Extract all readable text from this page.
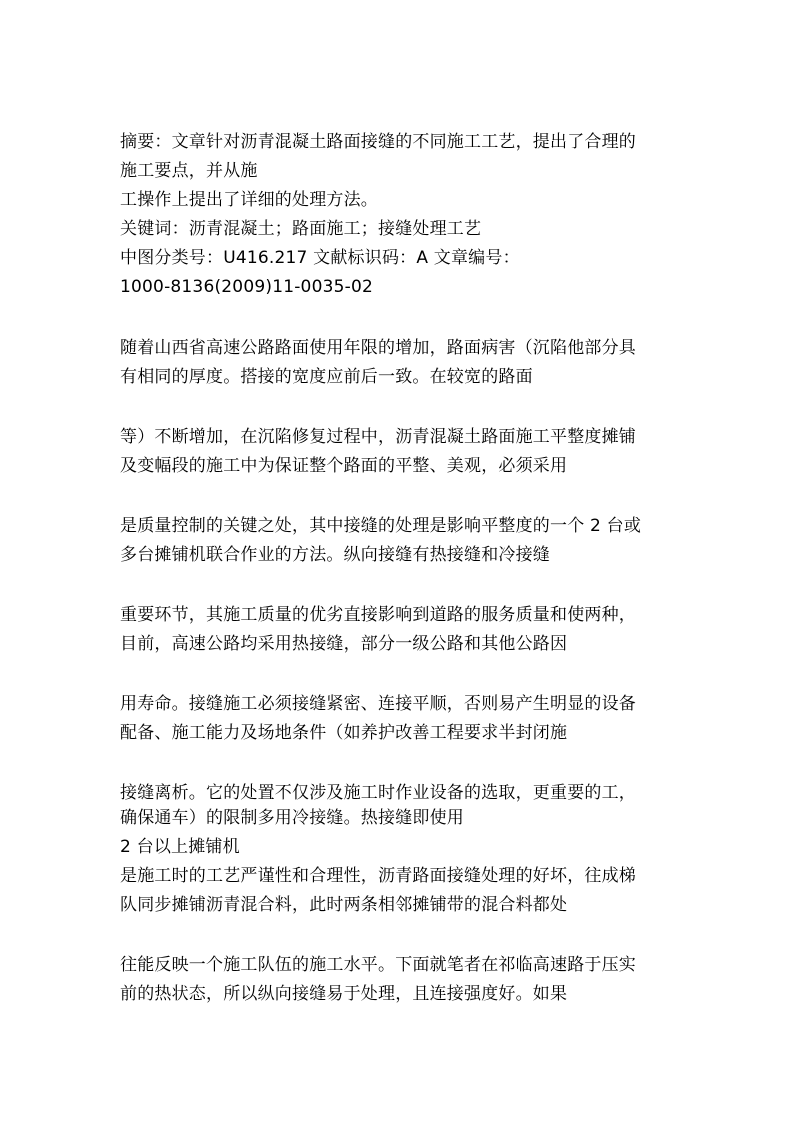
摘要：文章针对沥青混凝土路面接缝的不同施工工艺，提出了合理的
施工要点，并从施
工操作上提出了详细的处理方法。
关键词：沥青混凝土；路面施工；接缝处理工艺
中图分类号：U416.217 文献标识码：A 文章编号：
1000-8136(2009)11-0035-02
随着山西省高速公路路面使用年限的增加，路面病害（沉陷他部分具
有相同的厚度。搭接的宽度应前后一致。在较宽的路面
等）不断增加，在沉陷修复过程中，沥青混凝土路面施工平整度摊铺
及变幅段的施工中为保证整个路面的平整、美观，必须采用
是质量控制的关键之处，其中接缝的处理是影响平整度的一个 2 台或
多台摊铺机联合作业的方法。纵向接缝有热接缝和冷接缝
重要环节，其施工质量的优劣直接影响到道路的服务质量和使两种，
目前，高速公路均采用热接缝，部分一级公路和其他公路因
用寿命。接缝施工必须接缝紧密、连接平顺，否则易产生明显的设备
配备、施工能力及场地条件（如养护改善工程要求半封闭施
接缝离析。它的处置不仅涉及施工时作业设备的选取，更重要的工，
确保通车）的限制多用冷接缝。热接缝即使用
2 台以上摊铺机
是施工时的工艺严谨性和合理性，沥青路面接缝处理的好坏，往成梯
队同步摊铺沥青混合料，此时两条相邻摊铺带的混合料都处
往能反映一个施工队伍的施工水平。下面就笔者在祁临高速路于压实
前的热状态，所以纵向接缝易于处理，且连接强度好。如果
